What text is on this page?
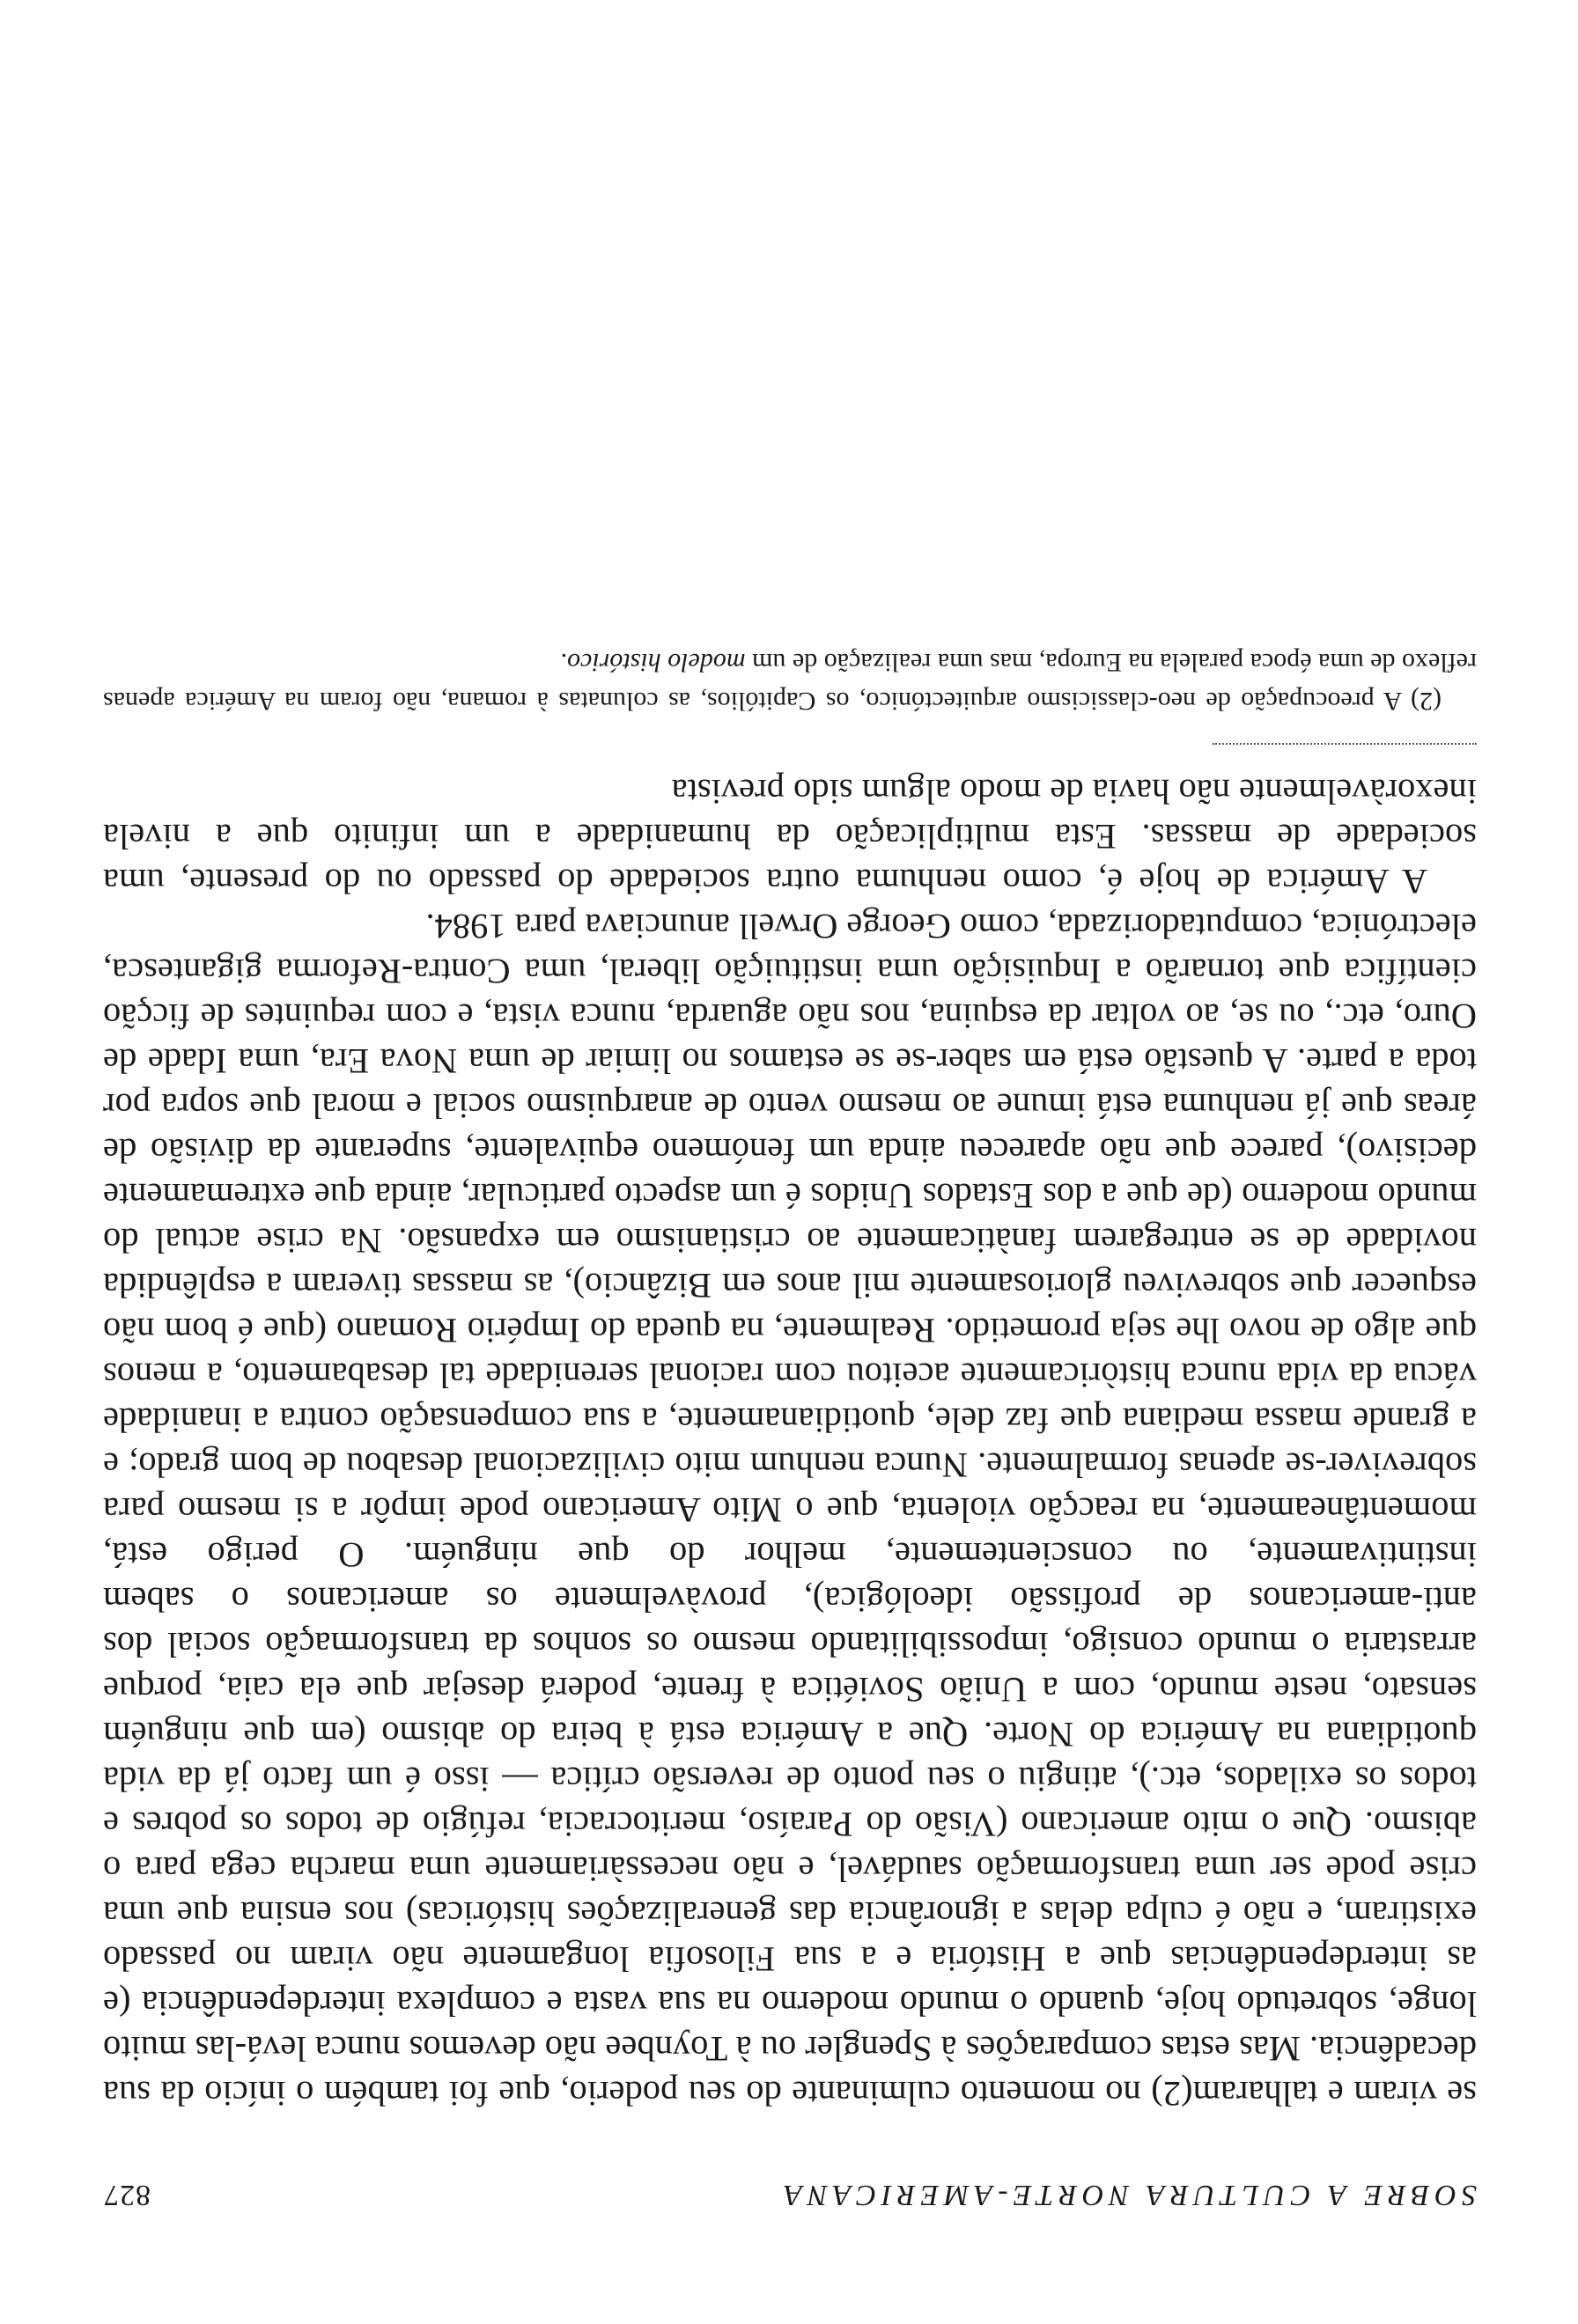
SOBRE A CULTURA NORTE-AMERICANA
827

se viram e talharam(2) no momento culminante do seu poderio, que foi também o início da sua decadência. Mas estas comparações à Spengler ou à Toynbee não devemos nunca levá-las muito longe, sobretudo hoje, quando o mundo moderno na sua vasta e complexa interdependência (e as interdependências que a História e a sua Filosofia longamente não viram no passado existiram, e não é culpa delas a ignorância das generalizações históricas) nos ensina que uma crise pode ser uma transformação saudável, e não necessàriamente uma marcha cega para o abismo. Que o mito americano (Visão do Paraíso, meritocracia, refúgio de todos os pobres e todos os exilados, etc.), atingiu o seu ponto de reversão crítica — isso é um facto já da vida quotidiana na América do Norte. Que a América está à beira do abismo (em que ninguém sensato, neste mundo, com a União Soviética à frente, poderá desejar que ela caia, porque arrastaria o mundo consigo, impossibilitando mesmo os sonhos da transformação social dos anti-americanos de profissão ideológica), provàvelmente os americanos o sabem instintivamente, ou conscientemente, melhor do que ninguém. O perigo está, momentâneamente, na reacção violenta, que o Mito Americano pode impôr a si mesmo para sobreviver-se apenas formalmente. Nunca nenhum mito civilizacional desabou de bom grado; e a grande massa mediana que faz dele, quotidianamente, a sua compensação contra a inanidade vácua da vida nunca històricamente aceitou com racional serenidade tal desabamento, a menos que algo de novo lhe seja prometido. Realmente, na queda do Império Romano (que é bom não esquecer que sobreviveu gloriosamente mil anos em Bizâncio), as massas tiveram a esplêndida novidade de se entregarem fanàticamente ao cristianismo em expansão. Na crise actual do mundo moderno (de que a dos Estados Unidos é um aspecto particular, ainda que extremamente decisivo), parece que não apareceu ainda um fenómeno equivalente, superante da divisão de áreas que já nenhuma está imune ao mesmo vento de anarquismo social e moral que sopra por toda a parte. A questão está em saber-se se estamos no limiar de uma Nova Era, uma Idade de Ouro, etc., ou se, ao voltar da esquina, nos não aguarda, nunca vista, e com requintes de ficção científica que tornarão a Inquisição uma instituição liberal, uma Contra-Reforma gigantesca, electrónica, computadorizada, como George Orwell anunciava para 1984.

A América de hoje é, como nenhuma outra sociedade do passado ou do presente, uma sociedade de massas. Esta multiplicação da humanidade a um infinito que a nivela inexoràvelmente não havia de modo algum sido prevista

(2) A preocupação de neo-classicismo arquitectónico, os Capitólios, as colunatas à romana, não foram na América apenas reflexo de uma época paralela na Europa, mas uma realização de um modelo histórico.
